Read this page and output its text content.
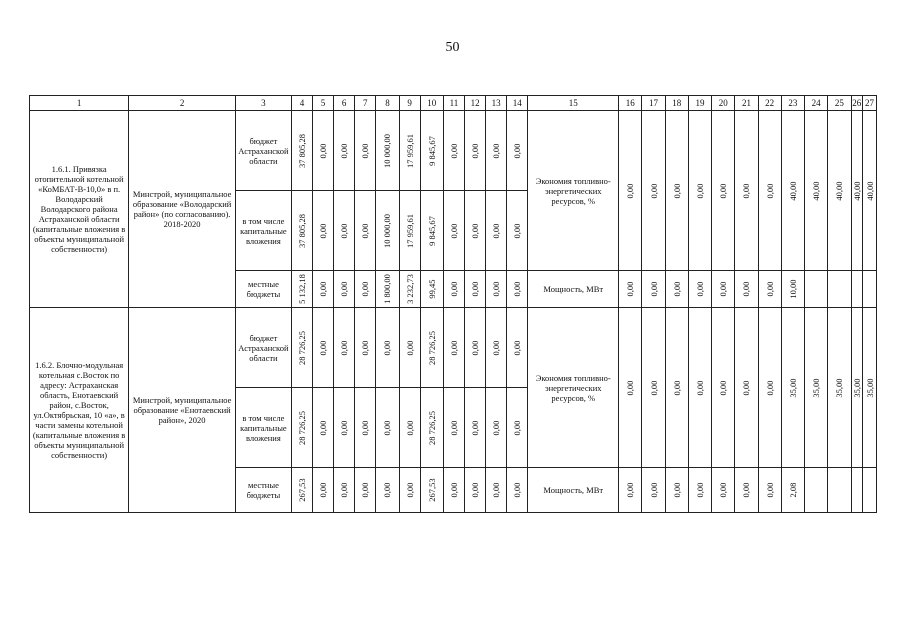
50
1	2	3	4	5	6	7	8	9	10	11	12	13	14	15	16	17	18	19	20	21	22	23	24	25	26	27
1.6.1. Привязка отопительной котельной «КоМБАТ-В-10,0» в п. Володарский Володарского района Астраханской области (капитальные вложения в объекты муниципальной собственности)	Минстрой, муниципальное образование «Володарский район» (по согласованию). 2018-2020	бюджет Астраханской области	37 805,28	0,00	0,00	0,00	10 000,00	17 959,61	9 845,67	0,00	0,00	0,00	0,00	Экономия топливно-энергетических ресурсов, %	0,00	0,00	0,00	0,00	0,00	0,00	0,00	40,00	40,00	40,00	40,00	40,00

		в том числе капитальные вложения	37 805,28	0,00	0,00	0,00	10 000,00	17 959,61	9 845,67	0,00	0,00	0,00	0,00													

		местные бюджеты	5 132,18	0,00	0,00	0,00	1 800,00	3 232,73	99,45	0,00	0,00	0,00	0,00	Мощность, МВт	0,00	0,00	0,00	0,00	0,00	0,00	0,00	10,00				

1.6.2. Блочно-модульная котельная с.Восток по адресу: Астраханская область, Енотаевский район, с.Восток, ул.Октябрьская, 10 «а», в части замены котельной (капитальные вложения в объекты муниципальной собственности)	Минстрой, муниципальное образование «Енотаевский район», 2020	бюджет Астраханской области	28 726,25	0,00	0,00	0,00	0,00	0,00	28 726,25	0,00	0,00	0,00	0,00	Экономия топливно-энергетических ресурсов, %	0,00	0,00	0,00	0,00	0,00	0,00	0,00	35,00	35,00	35,00	35,00	35,00

		в том числе капитальные вложения	28 726,25	0,00	0,00	0,00	0,00	0,00	28 726,25	0,00	0,00	0,00	0,00													

		местные бюджеты	267,53	0,00	0,00	0,00	0,00	0,00	267,53	0,00	0,00	0,00	0,00	Мощность, МВт	0,00	0,00	0,00	0,00	0,00	0,00	0,00	2,08				
